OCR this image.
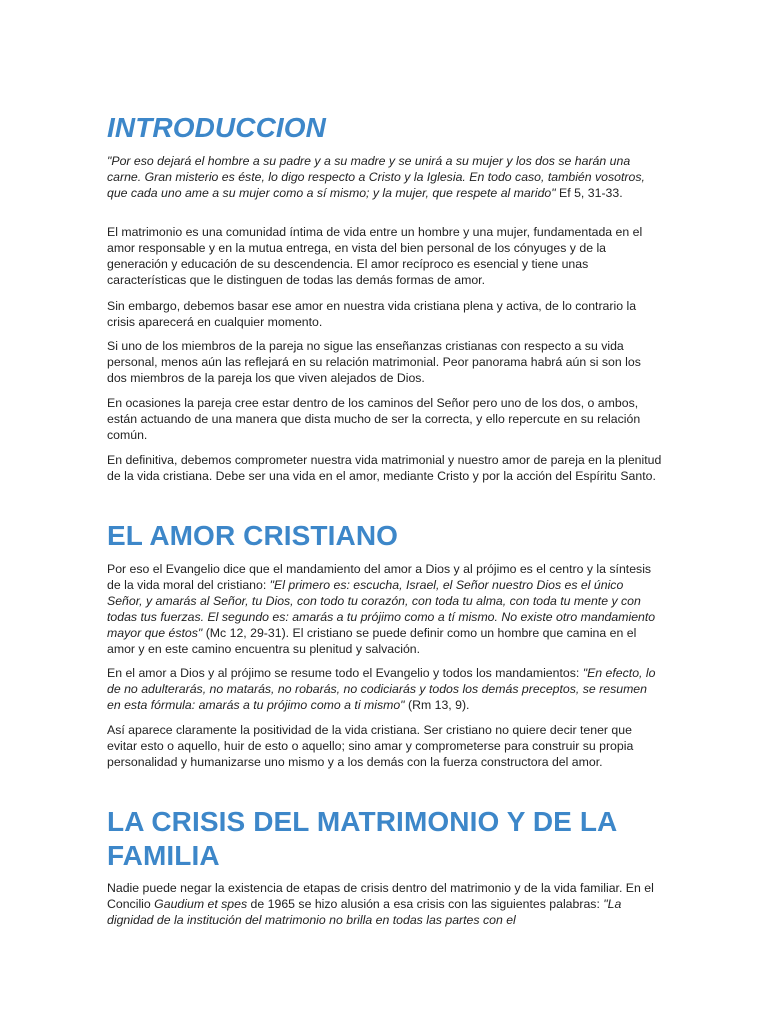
INTRODUCCION

"Por eso dejará el hombre a su padre y a su madre y se unirá a su mujer y los dos se harán una carne. Gran misterio es éste, lo digo respecto a Cristo y la Iglesia. En todo caso, también vosotros, que cada uno ame a su mujer como a sí mismo; y la mujer, que respete al marido" Ef 5, 31-33.

El matrimonio es una comunidad íntima de vida entre un hombre y una mujer, fundamentada en el amor responsable y en la mutua entrega, en vista del bien personal de los cónyuges y de la generación y educación de su descendencia. El amor recíproco es esencial y tiene unas características que le distinguen de todas las demás formas de amor.

Sin embargo, debemos basar ese amor en nuestra vida cristiana plena y activa, de lo contrario la crisis aparecerá en cualquier momento.

Si uno de los miembros de la pareja no sigue las enseñanzas cristianas con respecto a su vida personal, menos aún las reflejará en su relación matrimonial. Peor panorama habrá aún si son los dos miembros de la pareja los que viven alejados de Dios.

En ocasiones la pareja cree estar dentro de los caminos del Señor pero uno de los dos, o ambos, están actuando de una manera que dista mucho de ser la correcta, y ello repercute en su relación común.

En definitiva, debemos comprometer nuestra vida matrimonial y nuestro amor de pareja en la plenitud de la vida cristiana. Debe ser una vida en el amor, mediante Cristo y por la acción del Espíritu Santo.

EL AMOR CRISTIANO

Por eso el Evangelio dice que el mandamiento del amor a Dios y al prójimo es el centro y la síntesis de la vida moral del cristiano: "El primero es: escucha, Israel, el Señor nuestro Dios es el único Señor, y amarás al Señor, tu Dios, con todo tu corazón, con toda tu alma, con toda tu mente y con todas tus fuerzas. El segundo es: amarás a tu prójimo como a tí mismo. No existe otro mandamiento mayor que éstos" (Mc 12, 29-31). El cristiano se puede definir como un hombre que camina en el amor y en este camino encuentra su plenitud y salvación.

En el amor a Dios y al prójimo se resume todo el Evangelio y todos los mandamientos: "En efecto, lo de no adulterarás, no matarás, no robarás, no codiciarás y todos los demás preceptos, se resumen en esta fórmula: amarás a tu prójimo como a ti mismo" (Rm 13, 9).

Así aparece claramente la positividad de la vida cristiana. Ser cristiano no quiere decir tener que evitar esto o aquello, huir de esto o aquello; sino amar y comprometerse para construir su propia personalidad y humanizarse uno mismo y a los demás con la fuerza constructora del amor.

LA CRISIS DEL MATRIMONIO Y DE LA FAMILIA

Nadie puede negar la existencia de etapas de crisis dentro del matrimonio y de la vida familiar. En el Concilio Gaudium et spes de 1965 se hizo alusión a esa crisis con las siguientes palabras: "La dignidad de la institución del matrimonio no brilla en todas las partes con el
